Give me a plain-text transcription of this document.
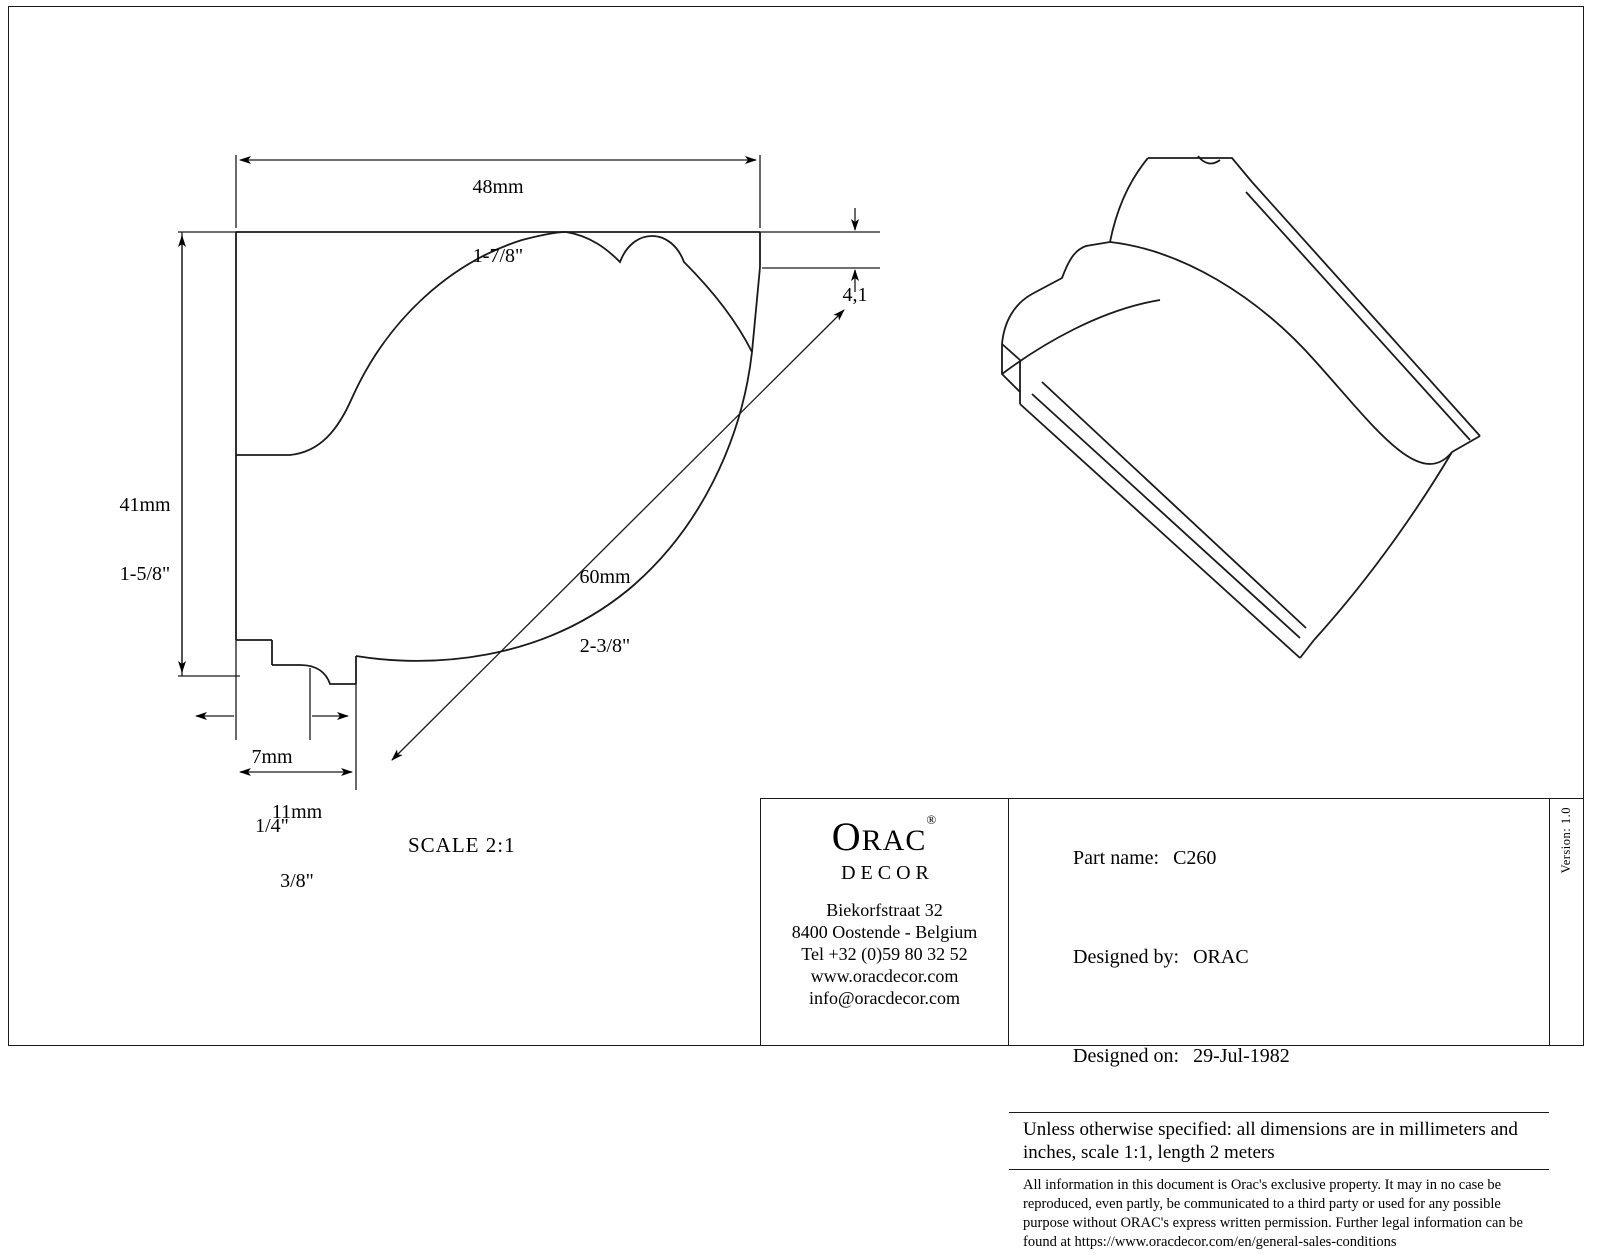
48mm

1-7/8"

41mm

1-5/8"

	60mm

2-3/8"

7mm

1/4"

11mm

3/8"

4,1

SCALE 2:1	ORAC®
DECOR
Biekorfstraat 32
8400 Oostende - Belgium
Tel +32 (0)59 80 32 52
www.oracdecor.com
info@oracdecor.com

Part name: C260

Designed by: ORAC

Designed on: 29-Jul-1982

Unless otherwise specified: all dimensions are in millimeters and inches, scale 1:1, length 2 meters
All information in this document is Orac's exclusive property. It may in no case be reproduced, even partly, be communicated to a third party or used for any possible purpose without ORAC's express written permission. Further legal information can be found at https://www.oracdecor.com/en/general-sales-conditions
Version: 1.0
